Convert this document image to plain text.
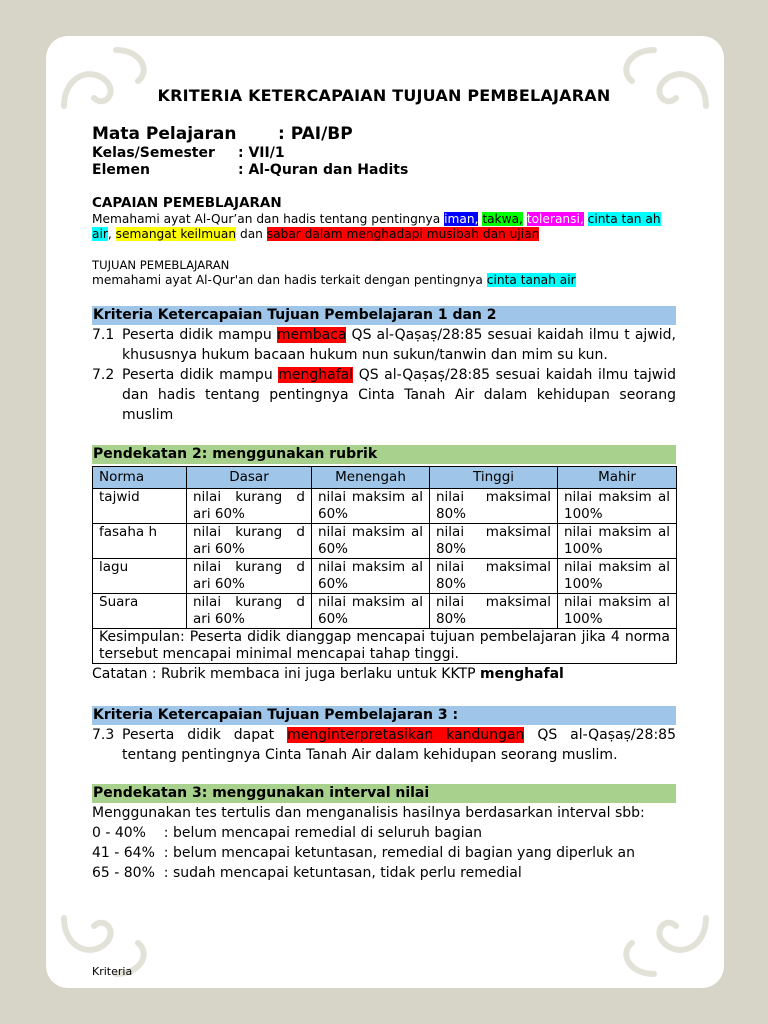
KRITERIA KETERCAPAIAN TUJUAN PEMBELAJARAN
Mata Pelajaran : PAI/BP
Kelas/Semester : VII/1
Elemen	: Al-Quran dan Hadits
CAPAIAN PEMEBLAJARAN
Memahami ayat Al-Qur’an dan hadis tentang pentingnya iman, takwa, toleransi, cinta tan ah air, semangat keilmuan dan sabar dalam menghadapi musibah dan ujian
TUJUAN PEMEBLAJARAN
memahami ayat Al-Qur'an dan hadis terkait dengan pentingnya cinta tanah air
Kriteria Ketercapaian Tujuan Pembelajaran 1 dan 2
7.1 Peserta didik mampu membaca QS al-Qaṣaṣ/28:85 sesuai kaidah ilmu t ajwid, khususnya hukum bacaan hukum nun sukun/tanwin dan mim su kun.
7.2 Peserta didik mampu menghafal QS al-Qaṣaṣ/28:85 sesuai kaidah ilmu tajwid dan hadis tentang pentingnya Cinta Tanah Air dalam kehidupan seorang muslim
Pendekatan 2: menggunakan rubrik
Norma	Dasar	Menengah	Tinggi	Mahir
tajwid	nilai kurang d ari 60%	nilai maksim al 60%	nilai maksimal 80%	nilai maksim al 100%
fasaha h	nilai kurang d ari 60%	nilai maksim al 60%	nilai maksimal 80%	nilai maksim al 100%
lagu	nilai kurang d ari 60%	nilai maksim al 60%	nilai maksimal 80%	nilai maksim al 100%
Suara	nilai kurang d ari 60%	nilai maksim al 60%	nilai maksimal 80%	nilai maksim al 100%
Kesimpulan: Peserta didik dianggap mencapai tujuan pembelajaran jika 4 norma tersebut mencapai minimal mencapai tahap tinggi.				
Catatan : Rubrik membaca ini juga berlaku untuk KKTP menghafal
Kriteria Ketercapaian Tujuan Pembelajaran 3 :
7.3 Peserta didik dapat menginterpretasikan kandungan QS al-Qaṣaṣ/28:85 tentang pentingnya Cinta Tanah Air dalam kehidupan seorang muslim.
Pendekatan 3: menggunakan interval nilai
Menggunakan tes tertulis dan menganalisis hasilnya berdasarkan interval sbb:
0 - 40%    : belum mencapai remedial di seluruh bagian
41 - 64%  : belum mencapai ketuntasan, remedial di bagian yang diperluk an
65 - 80%  : sudah mencapai ketuntasan, tidak perlu remedial
Kriteria
